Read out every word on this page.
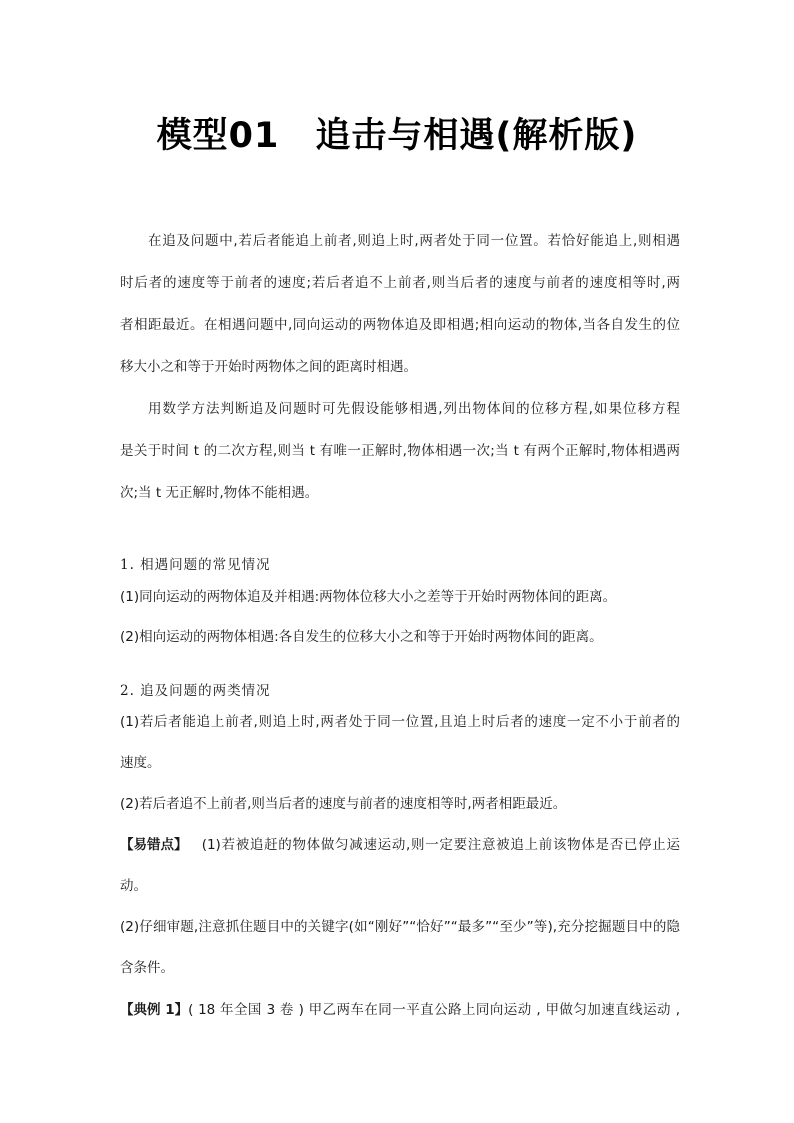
模型01　追击与相遇(解析版)
在追及问题中,若后者能追上前者,则追上时,两者处于同一位置。若恰好能追上,则相遇
时后者的速度等于前者的速度;若后者追不上前者,则当后者的速度与前者的速度相等时,两
者相距最近。在相遇问题中,同向运动的两物体追及即相遇;相向运动的物体,当各自发生的位
移大小之和等于开始时两物体之间的距离时相遇。
用数学方法判断追及问题时可先假设能够相遇,列出物体间的位移方程,如果位移方程
是关于时间 t 的二次方程,则当 t 有唯一正解时,物体相遇一次;当 t 有两个正解时,物体相遇两
次;当 t 无正解时,物体不能相遇。
1. 相遇问题的常见情况
(1)同向运动的两物体追及并相遇:两物体位移大小之差等于开始时两物体间的距离。
(2)相向运动的两物体相遇:各自发生的位移大小之和等于开始时两物体间的距离。
2. 追及问题的两类情况
(1)若后者能追上前者,则追上时,两者处于同一位置,且追上时后者的速度一定不小于前者的
速度。
(2)若后者追不上前者,则当后者的速度与前者的速度相等时,两者相距最近。
【易错点】 　(1)若被追赶的物体做匀减速运动,则一定要注意被追上前该物体是否已停止运
动。
(2)仔细审题,注意抓住题目中的关键字(如“刚好”“恰好”“最多”“至少”等),充分挖掘题目中的隐
含条件。
【典例 1】 ( 18 年全国 3 卷 ) 甲乙两车在同一平直公路上同向运动 , 甲做匀加速直线运动 ,
